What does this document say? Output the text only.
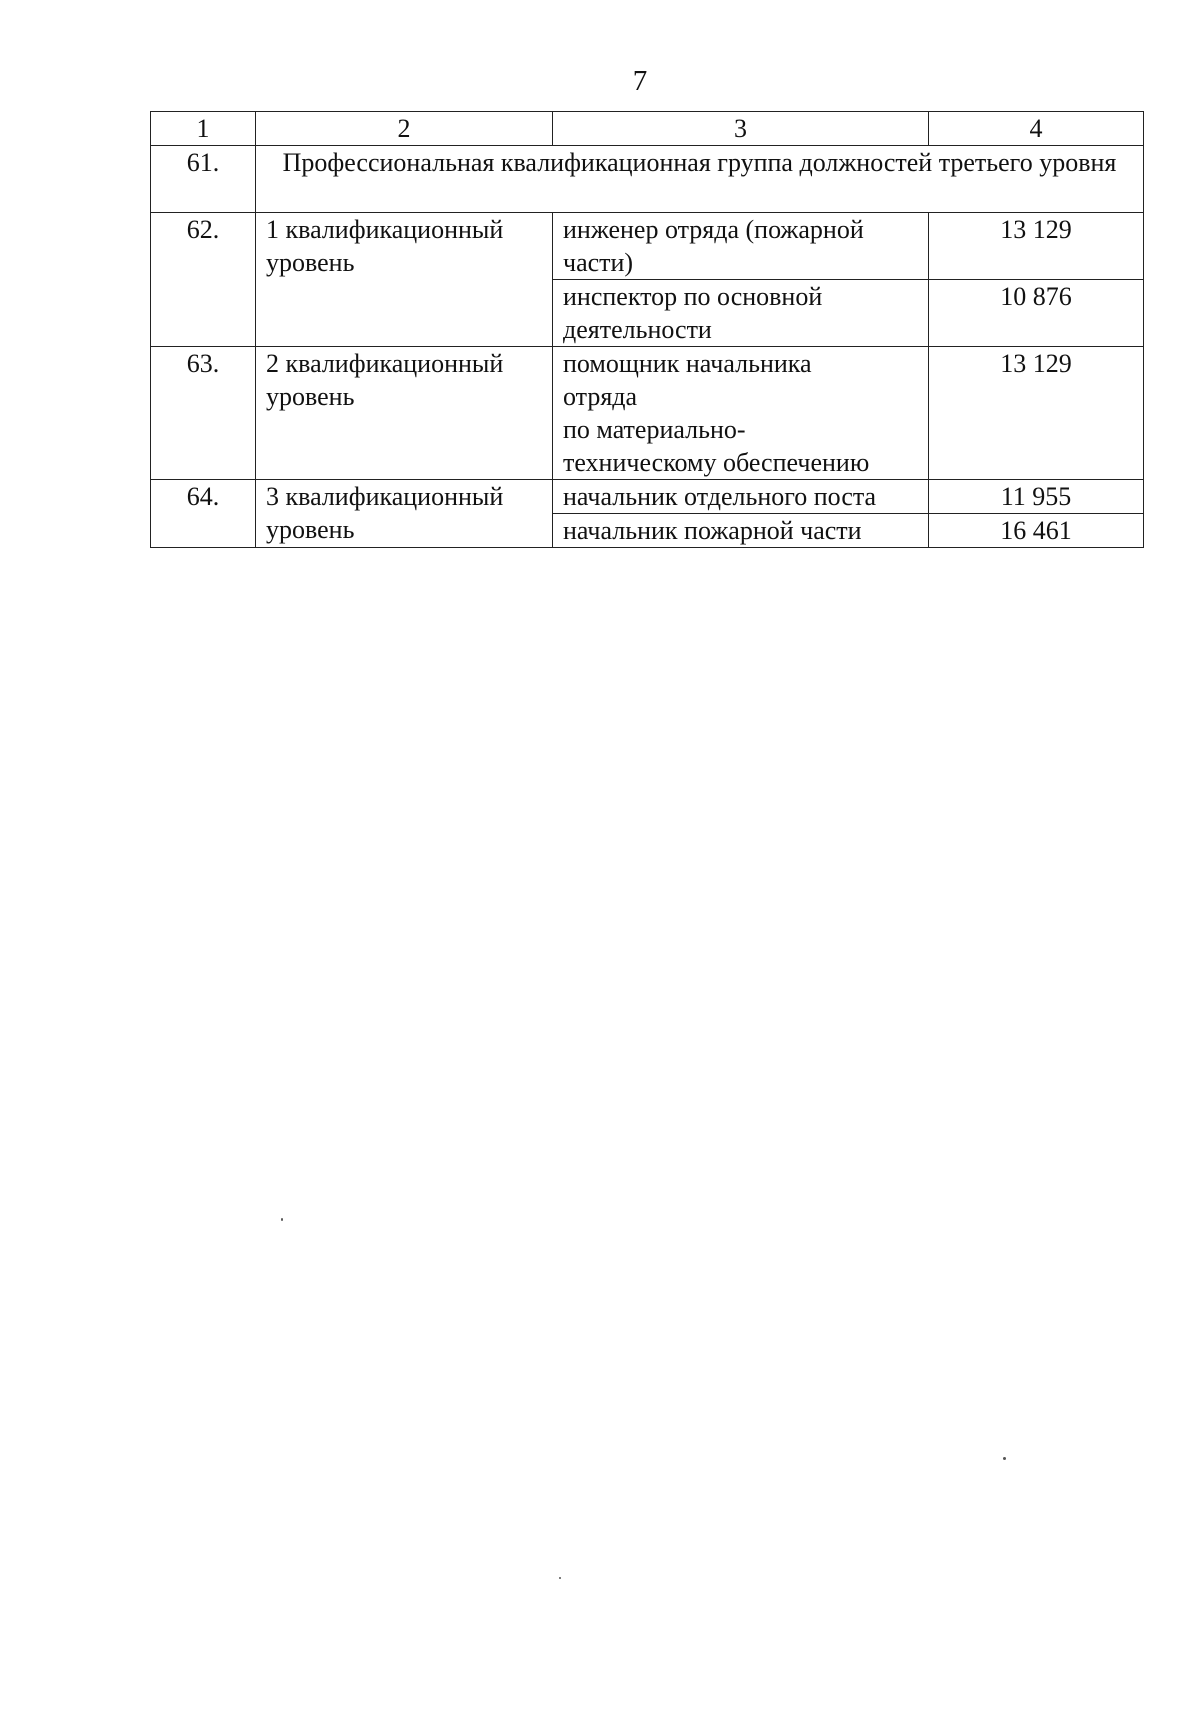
7
1	2	3	4
61.	Профессиональная квалификационная группа должностей третьего уровня		
62.	1 квалификационный уровень	инженер отряда (пожарной части)	13 129
		инспектор по основной деятельности	10 876
63.	2 квалификационный уровень	помощник начальника
отряда
по материально-
техническому обеспечению	13 129
64.	3 квалификационный уровень	начальник отдельного поста	11 955
		начальник пожарной части	16 461
